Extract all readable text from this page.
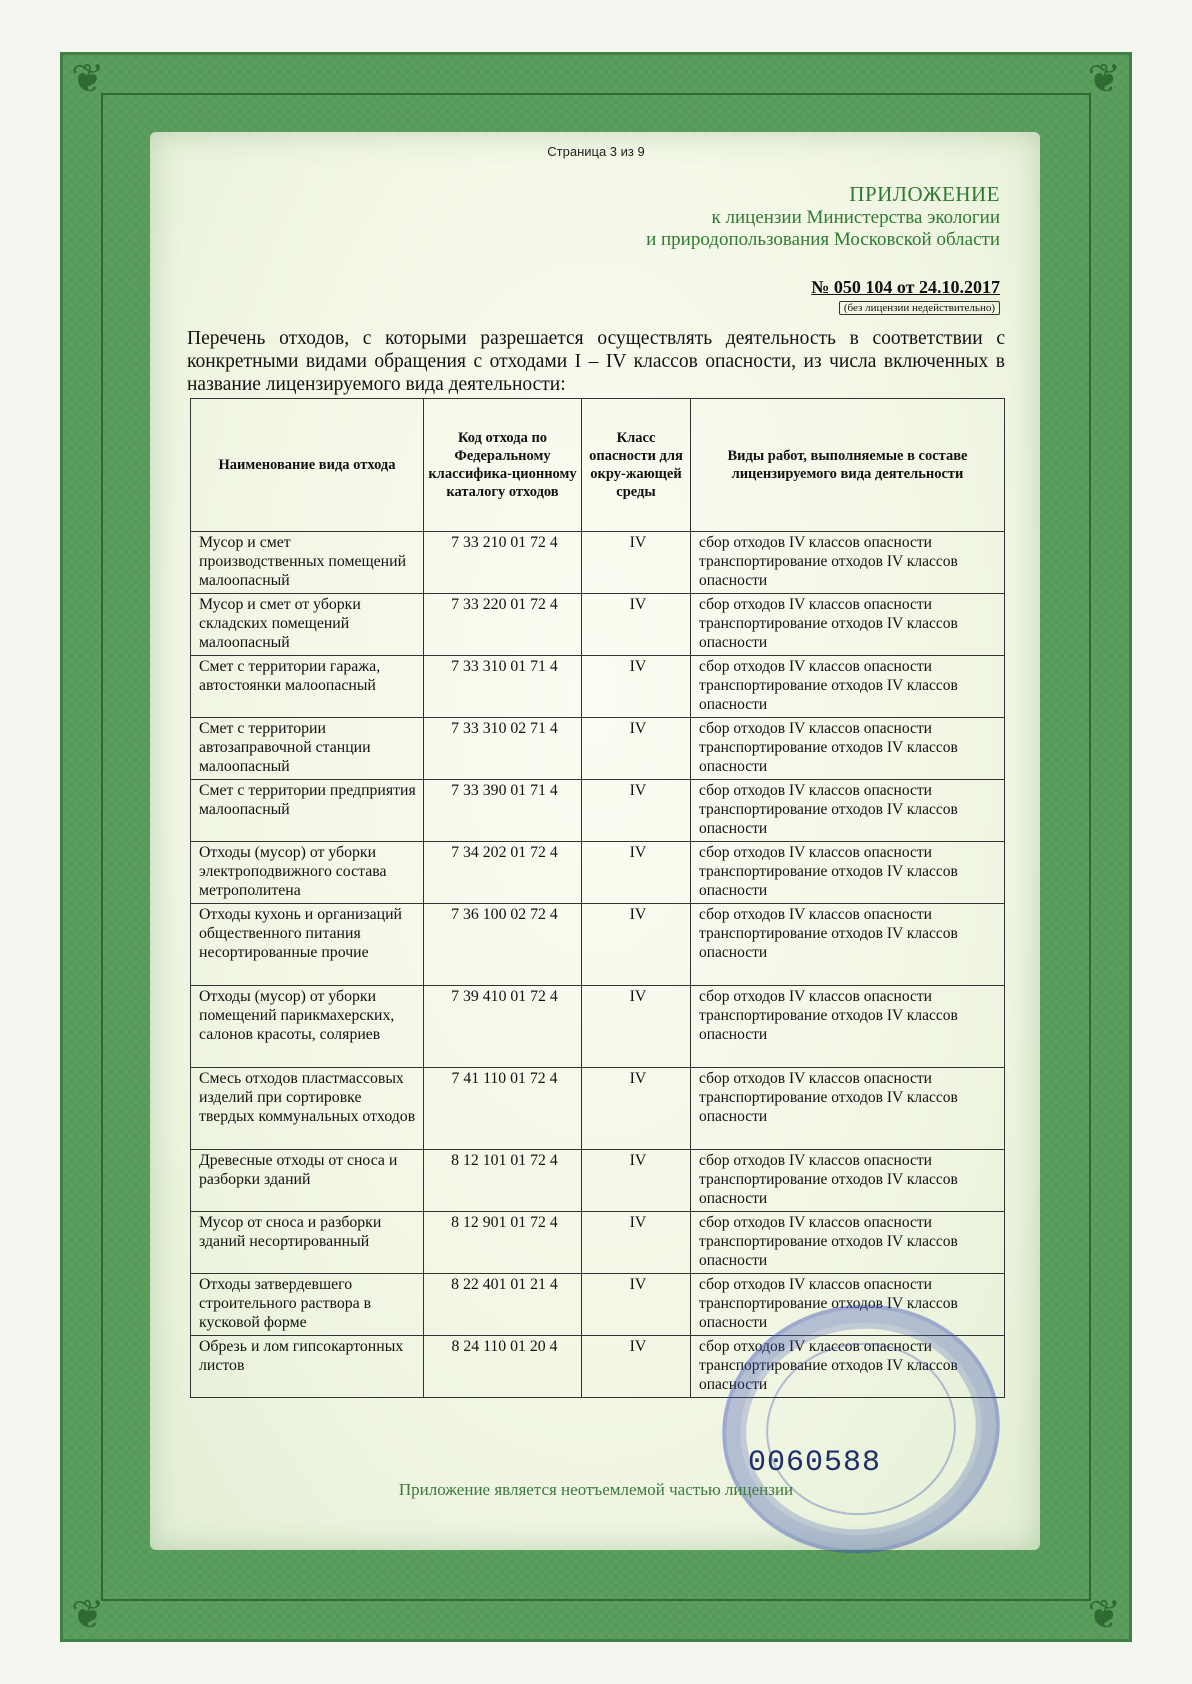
❦	❦
❦	❦
Страница 3 из 9
ПРИЛОЖЕНИЕ
к лицензии Министерства экологии
и природопользования Московской области
№ 050 104 от 24.10.2017
(без лицензии недействительно)
Перечень отходов, с которыми разрешается осуществлять деятельность в соответствии с конкретными видами обращения с отходами I – IV классов опасности, из числа включенных в название лицензируемого вида деятельности:
Наименование вида отхода	Код отхода по Федеральному классифика-ционному каталогу отходов	Класс опасности для окру-жающей среды	Виды работ, выполняемые в составе лицензируемого вида деятельности
Мусор и смет производственных помещений малоопасный	7 33 210 01 72 4	IV	сбор отходов IV классов опасности транспортирование отходов IV классов опасности
Мусор и смет от уборки складских помещений малоопасный	7 33 220 01 72 4	IV	сбор отходов IV классов опасности транспортирование отходов IV классов опасности
Смет с территории гаража, автостоянки малоопасный	7 33 310 01 71 4	IV	сбор отходов IV классов опасности транспортирование отходов IV классов опасности
Смет с территории автозаправочной станции малоопасный	7 33 310 02 71 4	IV	сбор отходов IV классов опасности транспортирование отходов IV классов опасности
Смет с территории предприятия малоопасный	7 33 390 01 71 4	IV	сбор отходов IV классов опасности транспортирование отходов IV классов опасности
Отходы (мусор) от уборки электроподвижного состава метрополитена	7 34 202 01 72 4	IV	сбор отходов IV классов опасности транспортирование отходов IV классов опасности
Отходы кухонь и организаций общественного питания несортированные прочие	7 36 100 02 72 4	IV	сбор отходов IV классов опасности транспортирование отходов IV классов опасности
Отходы (мусор) от уборки помещений парикмахерских, салонов красоты, соляриев	7 39 410 01 72 4	IV	сбор отходов IV классов опасности транспортирование отходов IV классов опасности
Смесь отходов пластмассовых изделий при сортировке твердых коммунальных отходов	7 41 110 01 72 4	IV	сбор отходов IV классов опасности транспортирование отходов IV классов опасности
Древесные отходы от сноса и разборки зданий	8 12 101 01 72 4	IV	сбор отходов IV классов опасности транспортирование отходов IV классов опасности
Мусор от сноса и разборки зданий несортированный	8 12 901 01 72 4	IV	сбор отходов IV классов опасности транспортирование отходов IV классов опасности
Отходы затвердевшего строительного раствора в кусковой форме	8 22 401 01 21 4	IV	сбор отходов IV классов опасности транспортирование отходов IV классов опасности
Обрезь и лом гипсокартонных листов	8 24 110 01 20 4	IV	сбор отходов IV классов опасности транспортирование отходов IV классов опасности
0060588
Приложение является неотъемлемой частью лицензии
